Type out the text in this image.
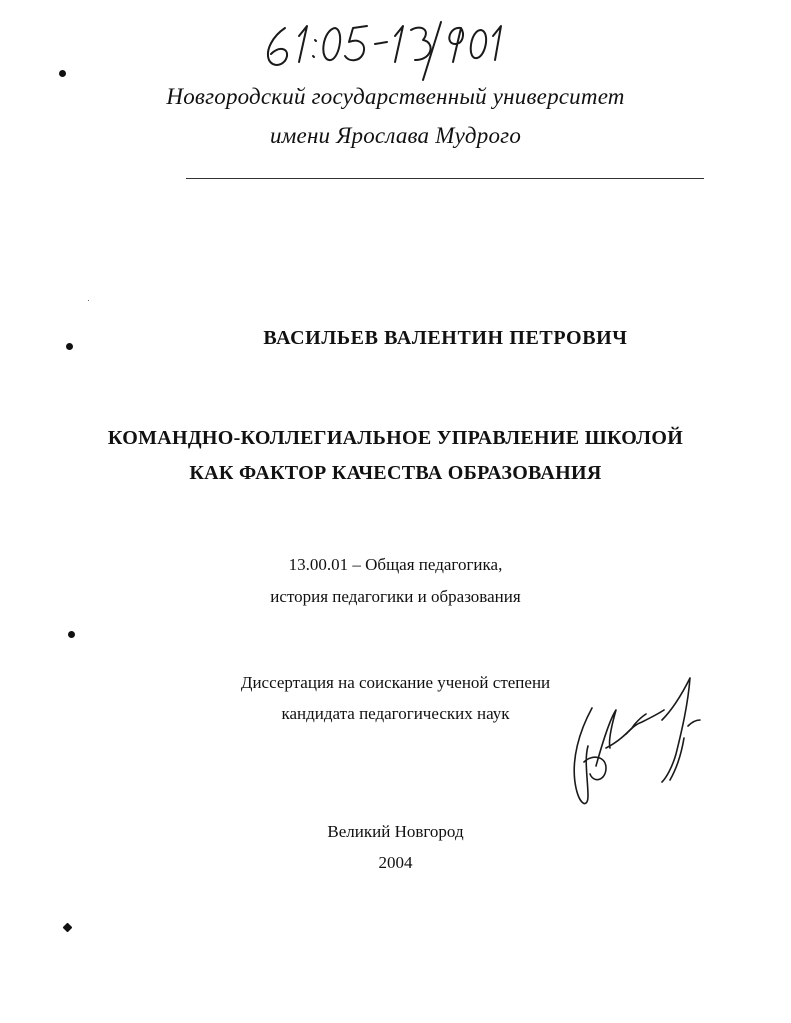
Новгородский государственный университет
имени Ярослава Мудрого
ВАСИЛЬЕВ ВАЛЕНТИН ПЕТРОВИЧ
КОМАНДНО-КОЛЛЕГИАЛЬНОЕ УПРАВЛЕНИЕ ШКОЛОЙ
КАК ФАКТОР КАЧЕСТВА ОБРАЗОВАНИЯ
13.00.01 – Общая педагогика,
история педагогики и образования
Диссертация на соискание ученой степени
кандидата педагогических наук
Великий Новгород
2004
